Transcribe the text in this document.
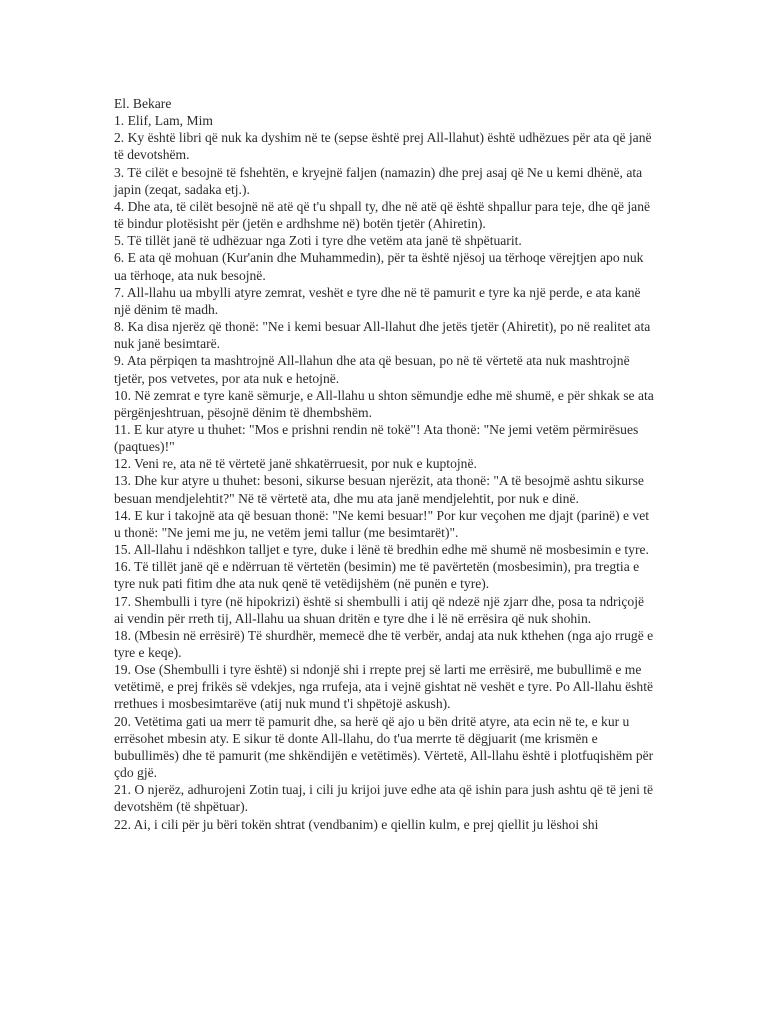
El. Bekare

1. Elif, Lam, Mim

2. Ky është libri që nuk ka dyshim në te (sepse është prej All-llahut) është udhëzues për ata që janë të devotshëm.

3. Të cilët e besojnë të fshehtën, e kryejnë faljen (namazin) dhe prej asaj që Ne u kemi dhënë, ata japin (zeqat, sadaka etj.).

4. Dhe ata, të cilët besojnë në atë që t'u shpall ty, dhe në atë që është shpallur para teje, dhe që janë të bindur plotësisht për (jetën e ardhshme në) botën tjetër (Ahiretin).

5. Të tillët janë të udhëzuar nga Zoti i tyre dhe vetëm ata janë të shpëtuarit.

6. E ata që mohuan (Kur'anin dhe Muhammedin), për ta është njësoj ua tërhoqe vërejtjen apo nuk ua tërhoqe, ata nuk besojnë.

7. All-llahu ua mbylli atyre zemrat, veshët e tyre dhe në të pamurit e tyre ka një perde, e ata kanë një dënim të madh.

8. Ka disa njerëz që thonë: "Ne i kemi besuar All-llahut dhe jetës tjetër (Ahiretit), po në realitet ata nuk janë besimtarë.

9. Ata përpiqen ta mashtrojnë All-llahun dhe ata që besuan, po në të vërtetë ata nuk mashtrojnë tjetër, pos vetvetes, por ata nuk e hetojnë.

10. Në zemrat e tyre kanë sëmurje, e All-llahu u shton sëmundje edhe më shumë, e për shkak se ata përgënjeshtruan, pësojnë dënim të dhembshëm.

11. E kur atyre u thuhet: "Mos e prishni rendin në tokë"! Ata thonë: "Ne jemi vetëm përmirësues (paqtues)!"

12. Veni re, ata në të vërtetë janë shkatërruesit, por nuk e kuptojnë.

13. Dhe kur atyre u thuhet: besoni, sikurse besuan njerëzit, ata thonë: "A të besojmë ashtu sikurse besuan mendjelehtit?" Në të vërtetë ata, dhe mu ata janë mendjelehtit, por nuk e dinë.

14. E kur i takojnë ata që besuan thonë: "Ne kemi besuar!" Por kur veçohen me djajt (parinë) e vet u thonë: "Ne jemi me ju, ne vetëm jemi tallur (me besimtarët)".

15. All-llahu i ndëshkon talljet e tyre, duke i lënë të bredhin edhe më shumë në mosbesimin e tyre.

16. Të tillët janë që e ndërruan të vërtetën (besimin) me të pavërtetën (mosbesimin), pra tregtia e tyre nuk pati fitim dhe ata nuk qenë të vetëdijshëm (në punën e tyre).

17. Shembulli i tyre (në hipokrizi) është si shembulli i atij që ndezë një zjarr dhe, posa ta ndriçojë ai vendin për rreth tij, All-llahu ua shuan dritën e tyre dhe i lë në errësira që nuk shohin.

18. (Mbesin në errësirë) Të shurdhër, memecë dhe të verbër, andaj ata nuk kthehen (nga ajo rrugë e tyre e keqe).

19. Ose (Shembulli i tyre është) si ndonjë shi i rrepte prej së larti me errësirë, me bubullimë e me vetëtimë, e prej frikës së vdekjes, nga rrufeja, ata i vejnë gishtat në veshët e tyre. Po All-llahu është rrethues i mosbesimtarëve (atij nuk mund t'i shpëtojë askush).

20. Vetëtima gati ua merr të pamurit dhe, sa herë që ajo u bën dritë atyre, ata ecin në te, e kur u errësohet mbesin aty. E sikur të donte All-llahu, do t'ua merrte të dëgjuarit (me krismën e bubullimës) dhe të pamurit (me shkëndijën e vetëtimës). Vërtetë, All-llahu është i plotfuqishëm për çdo gjë.

21. O njerëz, adhurojeni Zotin tuaj, i cili ju krijoi juve edhe ata që ishin para jush ashtu që të jeni të devotshëm (të shpëtuar).

22. Ai, i cili për ju bëri tokën shtrat (vendbanim) e qiellin kulm, e prej qiellit ju lëshoi shi
